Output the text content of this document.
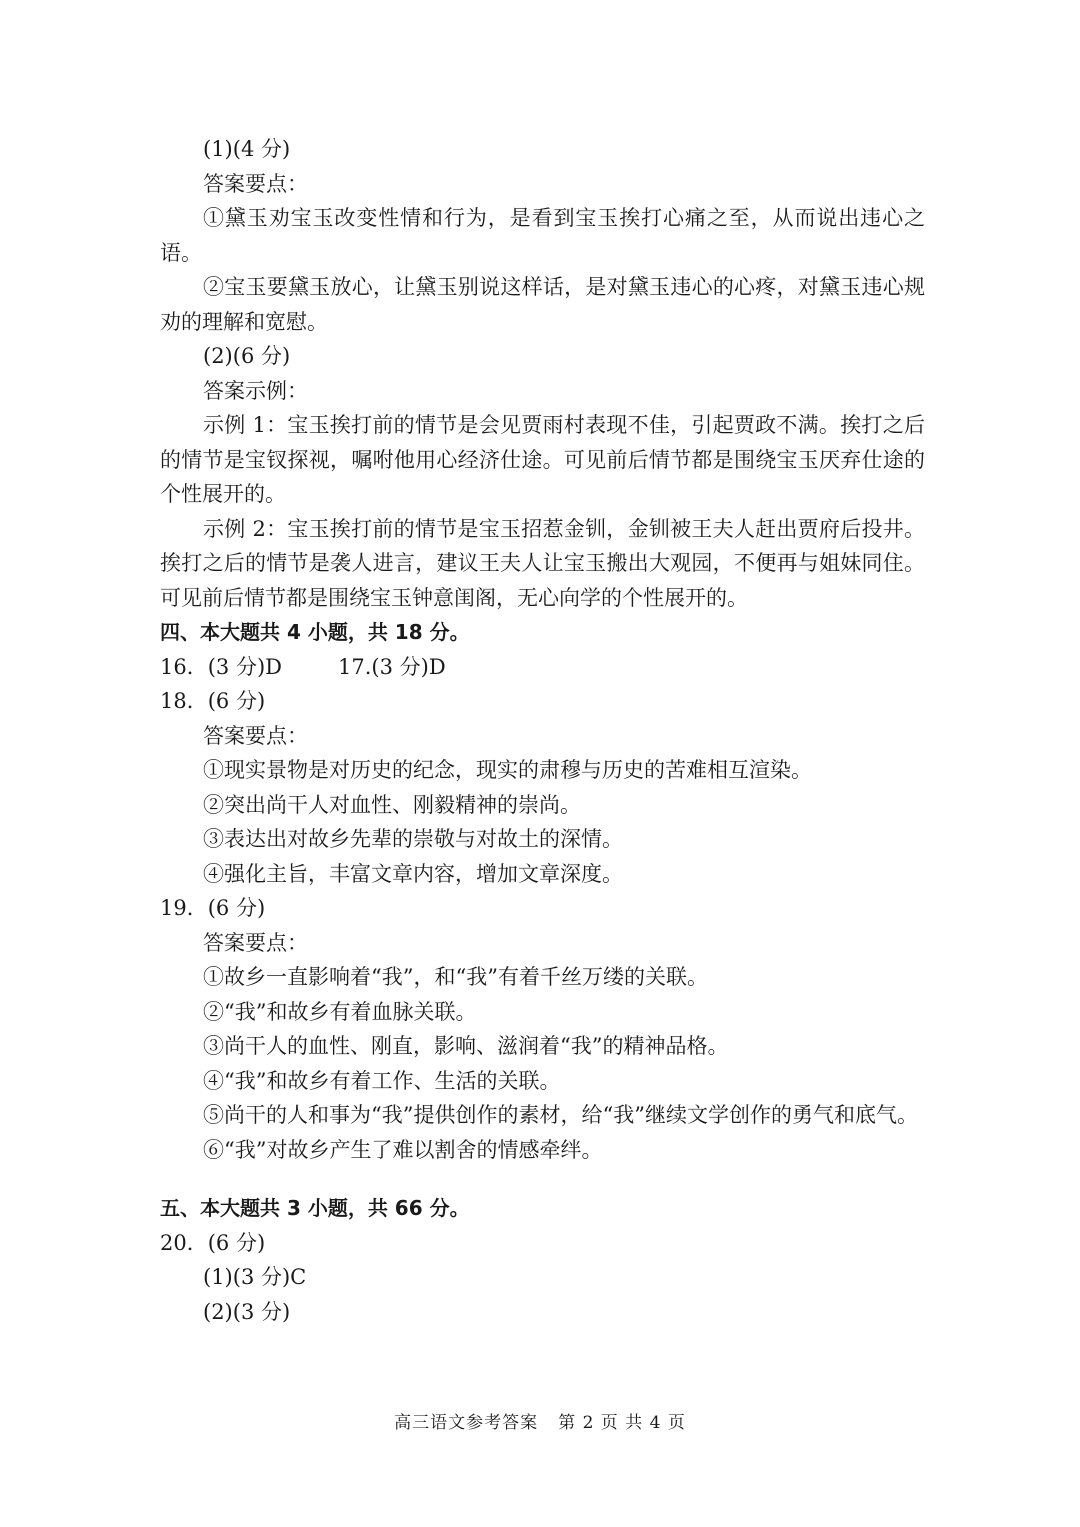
(1)(4 分)
答案要点：
①黛玉劝宝玉改变性情和行为，是看到宝玉挨打心痛之至，从而说出违心之语。
②宝玉要黛玉放心，让黛玉别说这样话，是对黛玉违心的心疼，对黛玉违心规劝的理解和宽慰。
(2)(6 分)
答案示例：
示例 1：宝玉挨打前的情节是会见贾雨村表现不佳，引起贾政不满。挨打之后的情节是宝钗探视，嘱咐他用心经济仕途。可见前后情节都是围绕宝玉厌弃仕途的个性展开的。
示例 2：宝玉挨打前的情节是宝玉招惹金钏，金钏被王夫人赶出贾府后投井。挨打之后的情节是袭人进言，建议王夫人让宝玉搬出大观园，不便再与姐妹同住。可见前后情节都是围绕宝玉钟意闺阁，无心向学的个性展开的。
四、本大题共 4 小题，共 18 分。
16．(3 分)D	17.(3 分)D
18．(6 分)
答案要点：
①现实景物是对历史的纪念，现实的肃穆与历史的苦难相互渲染。
②突出尚干人对血性、刚毅精神的崇尚。
③表达出对故乡先辈的崇敬与对故土的深情。
④强化主旨，丰富文章内容，增加文章深度。
19．(6 分)
答案要点：
①故乡一直影响着“我”，和“我”有着千丝万缕的关联。
②“我”和故乡有着血脉关联。
③尚干人的血性、刚直，影响、滋润着“我”的精神品格。
④“我”和故乡有着工作、生活的关联。
⑤尚干的人和事为“我”提供创作的素材，给“我”继续文学创作的勇气和底气。
⑥“我”对故乡产生了难以割舍的情感牵绊。
五、本大题共 3 小题，共 66 分。
20．(6 分)
(1)(3 分)C
(2)(3 分)
高三语文参考答案 第 2 页 共 4 页
